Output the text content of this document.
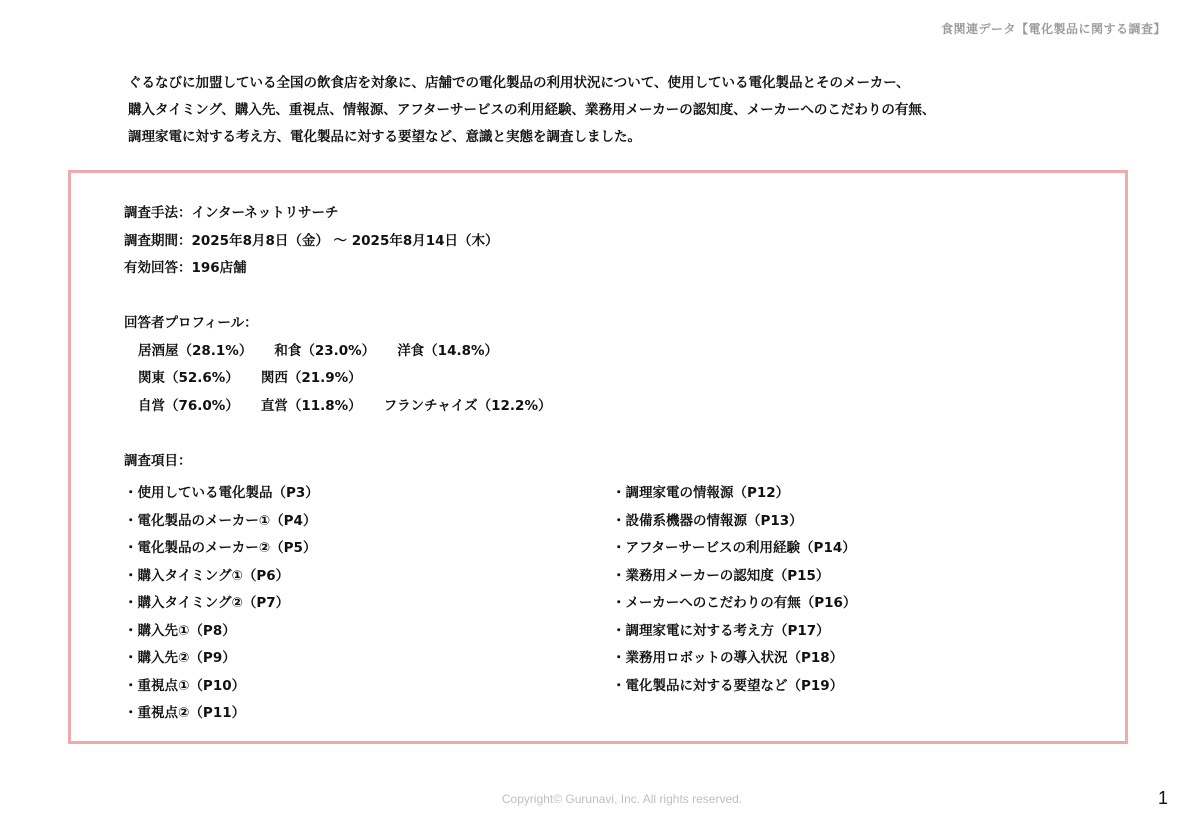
食関連データ【電化製品に関する調査】
ぐるなびに加盟している全国の飲食店を対象に、店舗での電化製品の利用状況について、使用している電化製品とそのメーカー、
購入タイミング、購入先、重視点、情報源、アフターサービスの利用経験、業務用メーカーの認知度、メーカーへのこだわりの有無、
調理家電に対する考え方、電化製品に対する要望など、意識と実態を調査しました。
調査手法：インターネットリサーチ
調査期間：2025年8月8日（金） ～ 2025年8月14日（木）
有効回答：196店舗
回答者プロフィール：
居酒屋（28.1%） 和食（23.0%） 洋食（14.8%）
関東（52.6%） 関西（21.9%）
自営（76.0%） 直営（11.8%） フランチャイズ（12.2%）
調査項目：
・使用している電化製品（P3）
・電化製品のメーカー①（P4）
・電化製品のメーカー②（P5）
・購入タイミング①（P6）
・購入タイミング②（P7）
・購入先①（P8）
・購入先②（P9）
・重視点①（P10）
・重視点②（P11）
・調理家電の情報源（P12）
・設備系機器の情報源（P13）
・アフターサービスの利用経験（P14）
・業務用メーカーの認知度（P15）
・メーカーへのこだわりの有無（P16）
・調理家電に対する考え方（P17）
・業務用ロボットの導入状況（P18）
・電化製品に対する要望など（P19）
Copyright© Gurunavi, Inc. All rights reserved.	1
